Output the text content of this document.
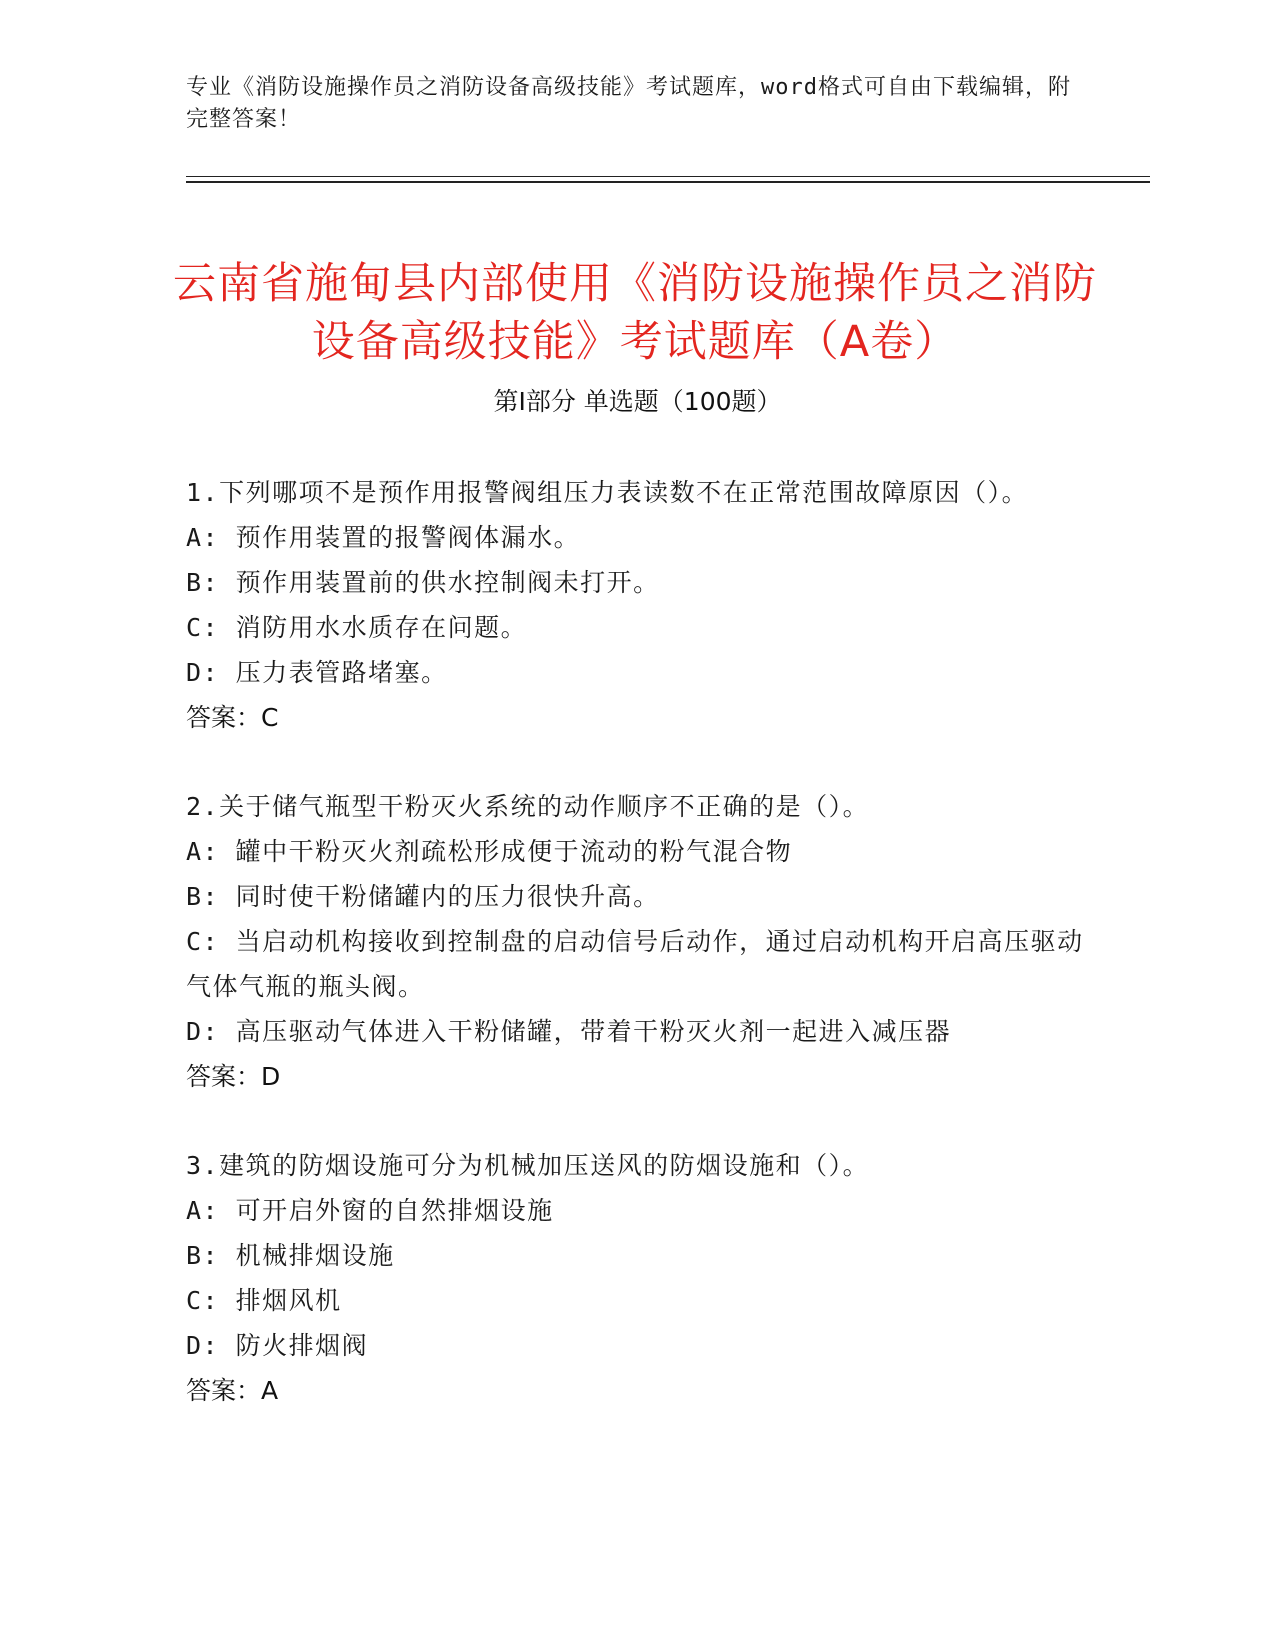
专业《消防设施操作员之消防设备高级技能》考试题库，word格式可自由下载编辑，附完整答案！
云南省施甸县内部使用《消防设施操作员之消防设备高级技能》考试题库（A卷）
第I部分 单选题（100题）
1.下列哪项不是预作用报警阀组压力表读数不在正常范围故障原因（）。
A: 预作用装置的报警阀体漏水。
B: 预作用装置前的供水控制阀未打开。
C: 消防用水水质存在问题。
D: 压力表管路堵塞。
答案：C
2.关于储气瓶型干粉灭火系统的动作顺序不正确的是（）。
A: 罐中干粉灭火剂疏松形成便于流动的粉气混合物
B: 同时使干粉储罐内的压力很快升高。
C: 当启动机构接收到控制盘的启动信号后动作，通过启动机构开启高压驱动气体气瓶的瓶头阀。
D: 高压驱动气体进入干粉储罐，带着干粉灭火剂一起进入减压器
答案：D
3.建筑的防烟设施可分为机械加压送风的防烟设施和（）。
A: 可开启外窗的自然排烟设施
B: 机械排烟设施
C: 排烟风机
D: 防火排烟阀
答案：A
